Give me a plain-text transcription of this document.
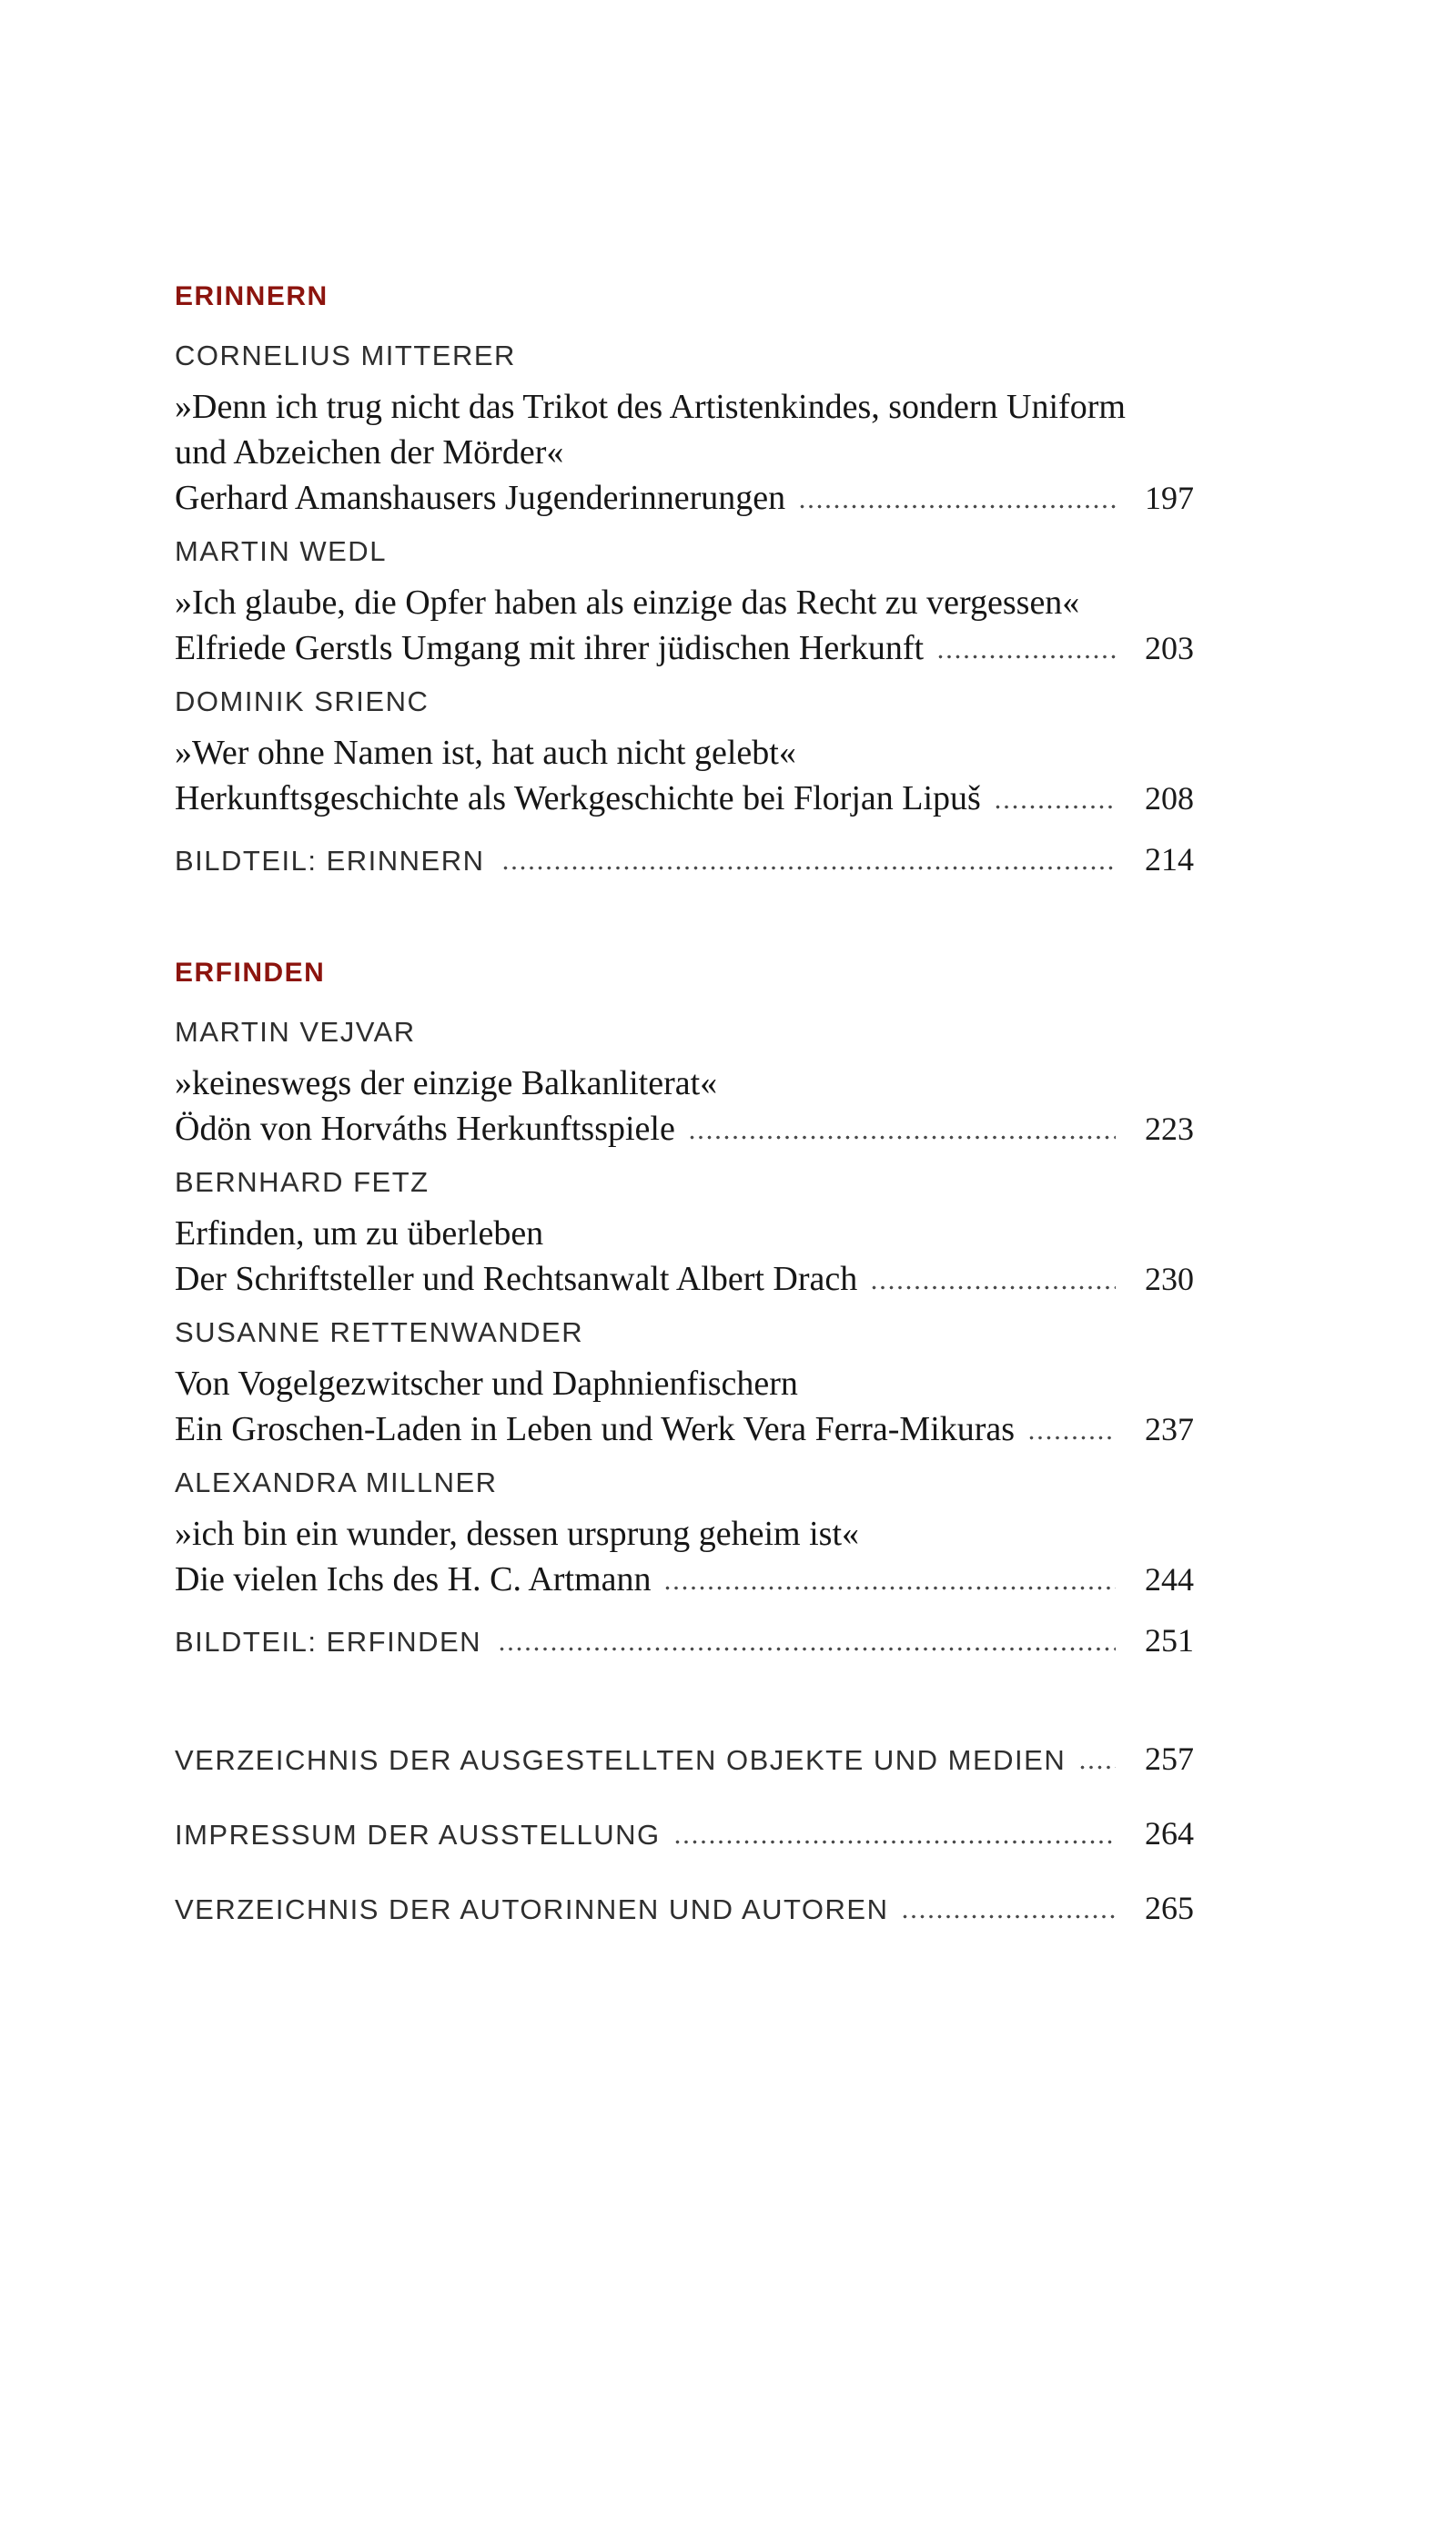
ERINNERN
CORNELIUS MITTERER
»Denn ich trug nicht das Trikot des Artistenkindes, sondern Uniform
und Abzeichen der Mörder«
Gerhard Amanshausers Jugenderinnerungen	197
MARTIN WEDL
»Ich glaube, die Opfer haben als einzige das Recht zu vergessen«
Elfriede Gerstls Umgang mit ihrer jüdischen Herkunft	203
DOMINIK SRIENC
»Wer ohne Namen ist, hat auch nicht gelebt«
Herkunftsgeschichte als Werkgeschichte bei Florjan Lipuš	208
BILDTEIL: ERINNERN	214
ERFINDEN
MARTIN VEJVAR
»keineswegs der einzige Balkanliterat«
Ödön von Horváths Herkunftsspiele	223
BERNHARD FETZ
Erfinden, um zu überleben
Der Schriftsteller und Rechtsanwalt Albert Drach	230
SUSANNE RETTENWANDER
Von Vogelgezwitscher und Daphnienfischern
Ein Groschen-Laden in Leben und Werk Vera Ferra-Mikuras	237
ALEXANDRA MILLNER
»ich bin ein wunder, dessen ursprung geheim ist«
Die vielen Ichs des H. C. Artmann	244
BILDTEIL: ERFINDEN	251
VERZEICHNIS DER AUSGESTELLTEN OBJEKTE UND MEDIEN 257
IMPRESSUM DER AUSSTELLUNG	264
VERZEICHNIS DER AUTORINNEN UND AUTOREN	265
